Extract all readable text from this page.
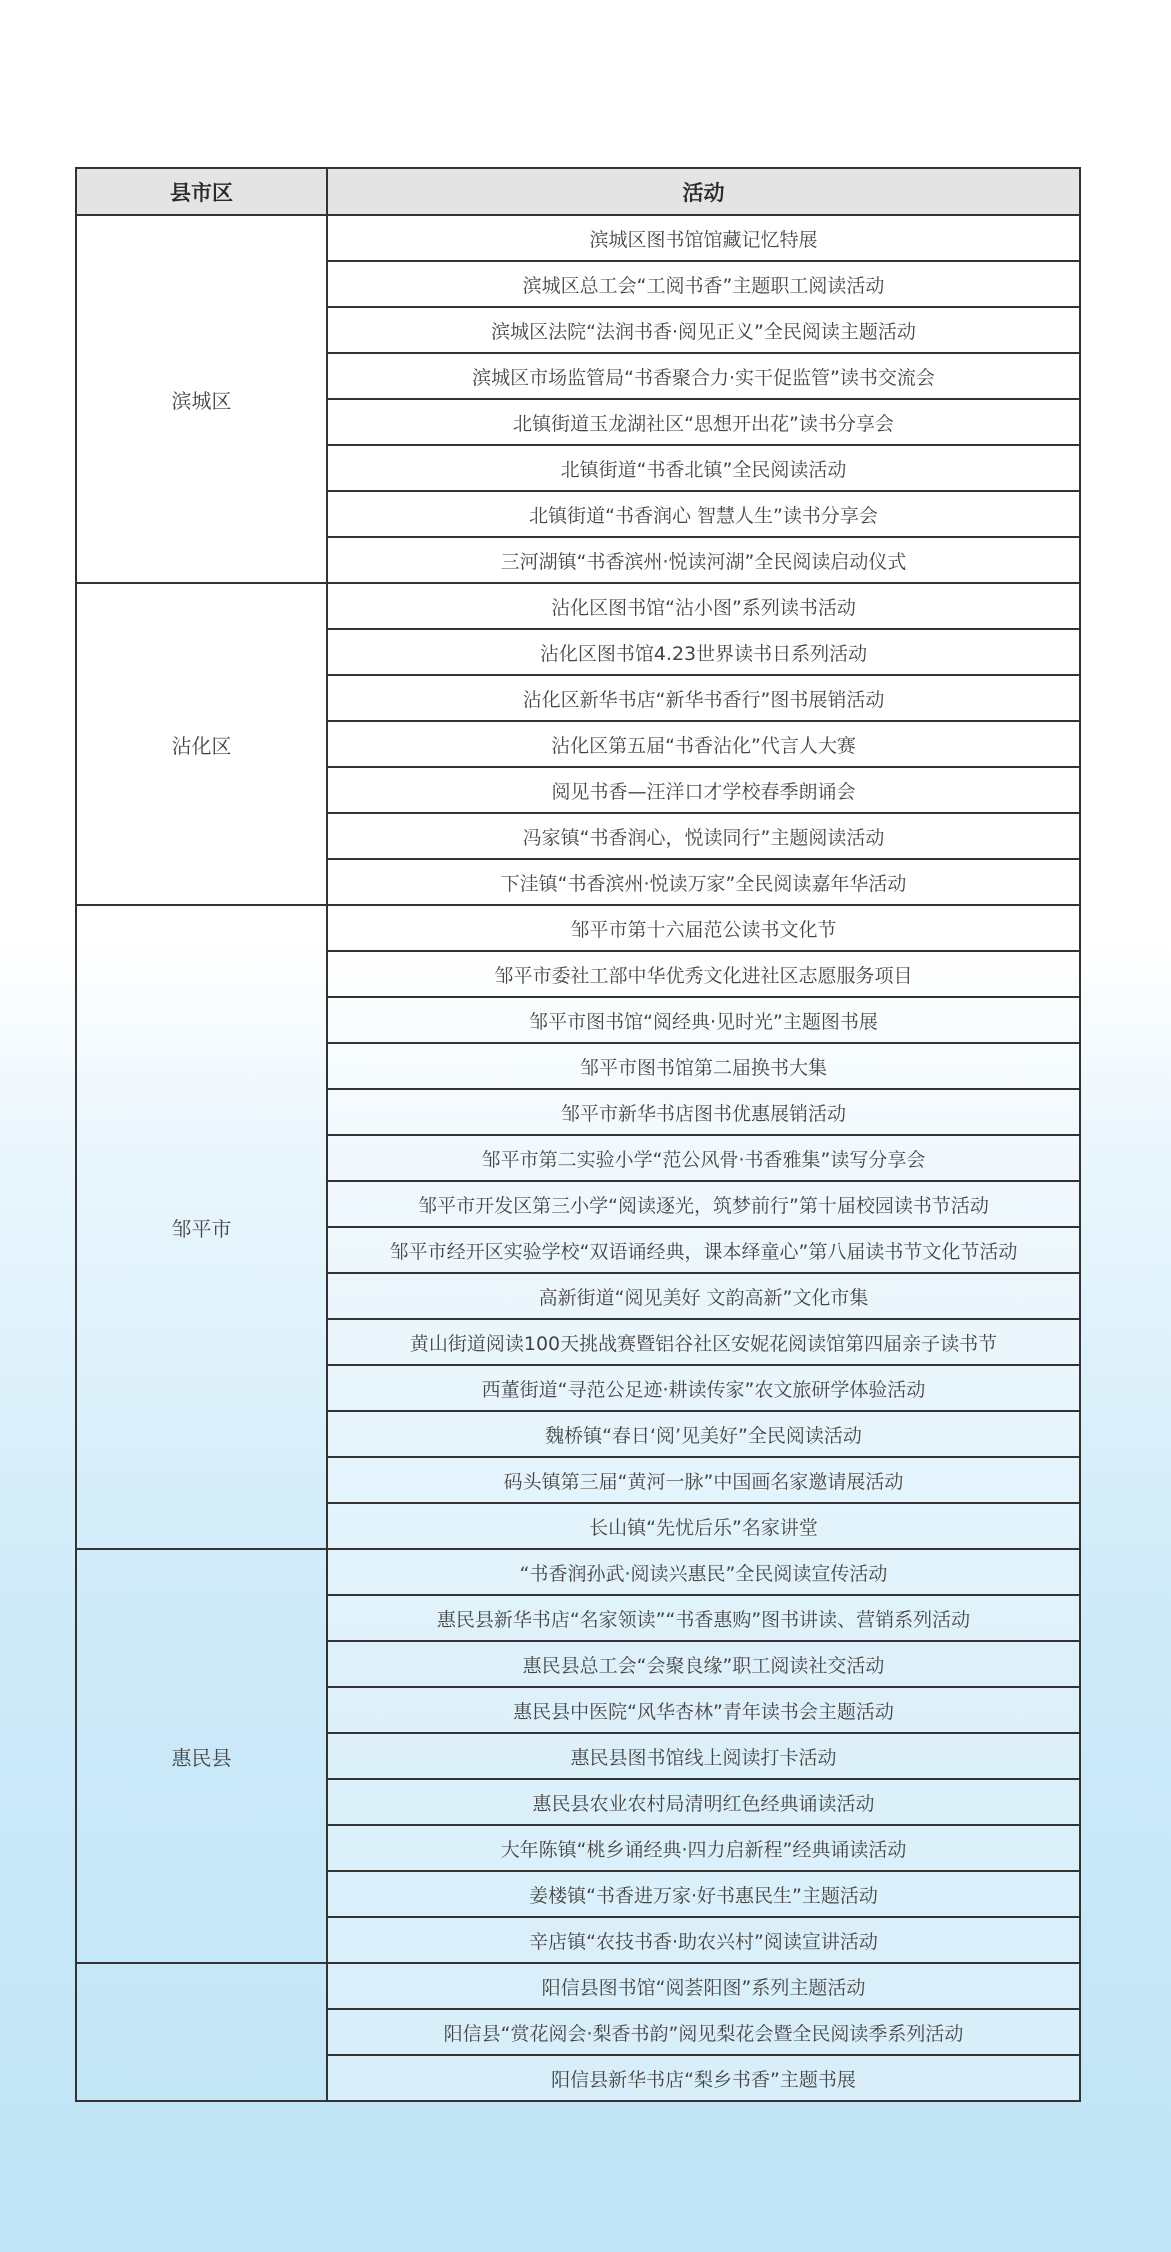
县市区	活动
滨城区	滨城区图书馆馆藏记忆特展
	滨城区总工会“工阅书香”主题职工阅读活动
	滨城区法院“法润书香·阅见正义”全民阅读主题活动
	滨城区市场监管局“书香聚合力·实干促监管”读书交流会
	北镇街道玉龙湖社区“思想开出花”读书分享会
	北镇街道“书香北镇”全民阅读活动
	北镇街道“书香润心 智慧人生”读书分享会
	三河湖镇“书香滨州·悦读河湖”全民阅读启动仪式
沾化区	沾化区图书馆“沾小图”系列读书活动
	沾化区图书馆4.23世界读书日系列活动
	沾化区新华书店“新华书香行”图书展销活动
	沾化区第五届“书香沾化”代言人大赛
	阅见书香—汪洋口才学校春季朗诵会
	冯家镇“书香润心，悦读同行”主题阅读活动
	下洼镇“书香滨州·悦读万家”全民阅读嘉年华活动
邹平市	邹平市第十六届范公读书文化节
	邹平市委社工部中华优秀文化进社区志愿服务项目
	邹平市图书馆“阅经典·见时光”主题图书展
	邹平市图书馆第二届换书大集
	邹平市新华书店图书优惠展销活动
	邹平市第二实验小学“范公风骨·书香雅集”读写分享会
	邹平市开发区第三小学“阅读逐光，筑梦前行”第十届校园读书节活动
	邹平市经开区实验学校“双语诵经典，课本绎童心”第八届读书节文化节活动
	高新街道“阅见美好 文韵高新”文化市集
	黄山街道阅读100天挑战赛暨铝谷社区安妮花阅读馆第四届亲子读书节
	西董街道“寻范公足迹·耕读传家”农文旅研学体验活动
	魏桥镇“春日‘阅’见美好”全民阅读活动
	码头镇第三届“黄河一脉”中国画名家邀请展活动
	长山镇“先忧后乐”名家讲堂
惠民县	“书香润孙武·阅读兴惠民”全民阅读宣传活动
	惠民县新华书店“名家领读”“书香惠购”图书讲读、营销系列活动
	惠民县总工会“会聚良缘”职工阅读社交活动
	惠民县中医院“风华杏林”青年读书会主题活动
	惠民县图书馆线上阅读打卡活动
	惠民县农业农村局清明红色经典诵读活动
	大年陈镇“桃乡诵经典·四力启新程”经典诵读活动
	姜楼镇“书香进万家·好书惠民生”主题活动
	辛店镇“农技书香·助农兴村”阅读宣讲活动
	阳信县图书馆“阅荟阳图”系列主题活动
	阳信县“赏花阅会·梨香书韵”阅见梨花会暨全民阅读季系列活动
	阳信县新华书店“梨乡书香”主题书展
